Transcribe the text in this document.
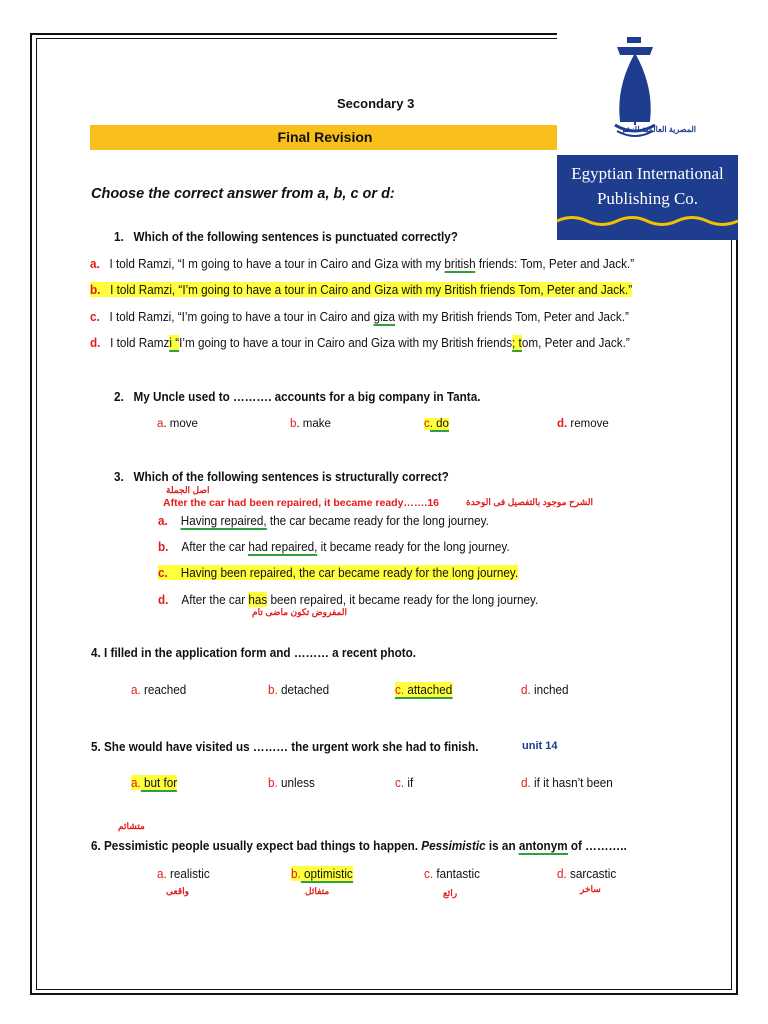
Secondary 3
Final Revision	المصرية العالمية للنشر
Egyptian International
Publishing Co.
Longman
Choose the correct answer from a, b, c or d:
1. Which of the following sentences is punctuated correctly?
a. I told Ramzi, “I m going to have a tour in Cairo and Giza with my british friends: Tom, Peter and Jack.”
b. I told Ramzi, “I’m going to have a tour in Cairo and Giza with my British friends Tom, Peter and Jack.”
c. I told Ramzi, “I’m going to have a tour in Cairo and giza with my British friends Tom, Peter and Jack.”
d. I told Ramzi “I’m going to have a tour in Cairo and Giza with my British friends; tom, Peter and Jack.”
2. My Uncle used to ………. accounts for a big company in Tanta.
a. move	b. make	c. do	d. remove
3. Which of the following sentences is structurally correct?
اصل الجملة
After the car had been repaired, it became ready…….16	الشرح موجود بالتفصيل فى الوحدة
a. Having repaired, the car became ready for the long journey.
b. After the car had repaired, it became ready for the long journey.
c. Having been repaired, the car became ready for the long journey.
d. After the car has been repaired, it became ready for the long journey.
المفروض تكون ماضى تام
4. I filled in the application form and ……… a recent photo.
a. reached	b. detached	c. attached	d. inched
5. She would have visited us ……… the urgent work she had to finish.	unit 14
a. but for	b. unless	c. if	d. if it hasn’t been
متشائم
6. Pessimistic people usually expect bad things to happen. Pessimistic is an antonym of ………..
a. realistic	b. optimistic	c. fantastic	d. sarcastic
واقعى	متفائل	رائع	ساخر
